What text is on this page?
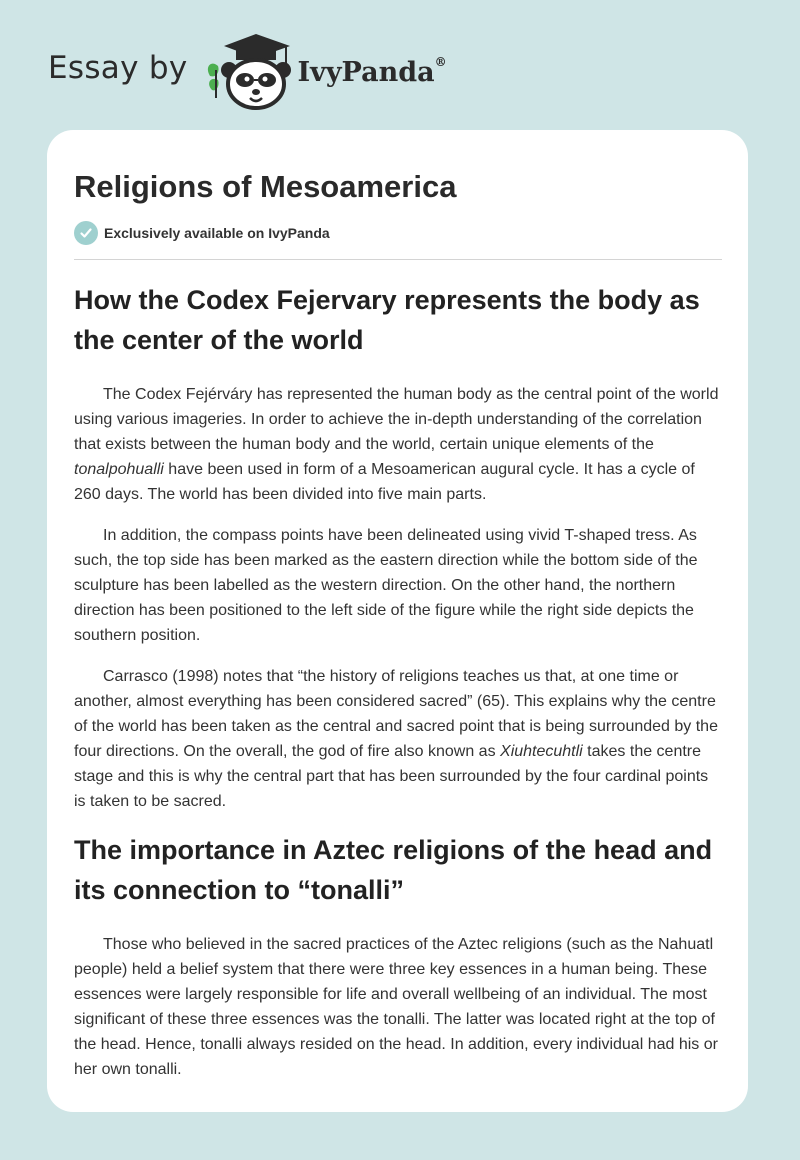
Essay by	IvyPanda®
Religions of Mesoamerica
Exclusively available on IvyPanda
How the Codex Fejervary represents the body as the center of the world

The Codex Fejérváry has represented the human body as the central point of the world using various imageries. In order to achieve the in-depth understanding of the correlation that exists between the human body and the world, certain unique elements of the tonalpohualli have been used in form of a Mesoamerican augural cycle. It has a cycle of 260 days. The world has been divided into five main parts.

In addition, the compass points have been delineated using vivid T-shaped tress. As such, the top side has been marked as the eastern direction while the bottom side of the sculpture has been labelled as the western direction. On the other hand, the northern direction has been positioned to the left side of the figure while the right side depicts the southern position.

Carrasco (1998) notes that “the history of religions teaches us that, at one time or another, almost everything has been considered sacred” (65). This explains why the centre of the world has been taken as the central and sacred point that is being surrounded by the four directions. On the overall, the god of fire also known as Xiuhtecuhtli takes the centre stage and this is why the central part that has been surrounded by the four cardinal points is taken to be sacred.

The importance in Aztec religions of the head and its connection to “tonalli”

Those who believed in the sacred practices of the Aztec religions (such as the Nahuatl people) held a belief system that there were three key essences in a human being. These essences were largely responsible for life and overall wellbeing of an individual. The most significant of these three essences was the tonalli. The latter was located right at the top of the head. Hence, tonalli always resided on the head. In addition, every individual had his or her own tonalli.
